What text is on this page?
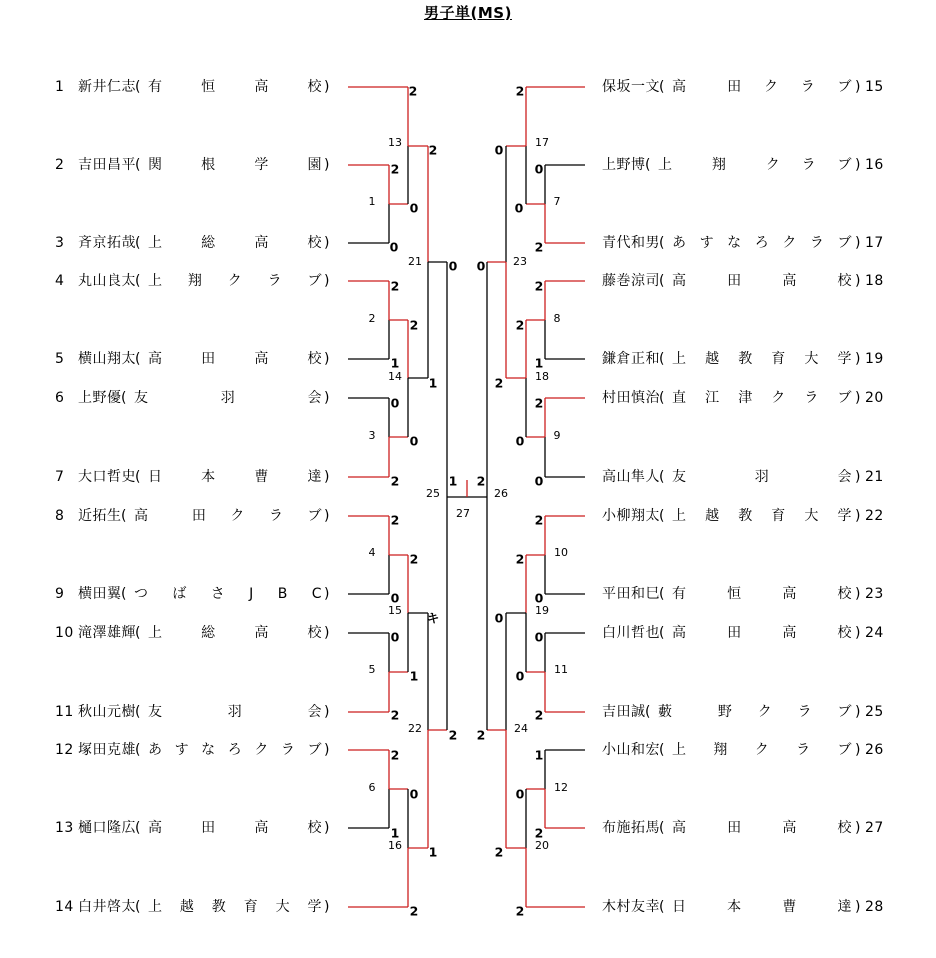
男子単(MS)
1 新井仁志 ( 有　　恒　　高　　校 )	保坂一文 ( 高　　田　ク　ラ　ブ ) 15
2 吉田昌平 ( 関　　根　　学　　園 )	上野博 ( 上　　翔　　ク　ラ　ブ ) 16
3 斉京拓哉 ( 上　　総　　高　　校 )	青代和男 ( あすなろクラブ ) 17
4 丸山良太 ( 上　翔　ク　ラ　ブ )	藤巻涼司 ( 高　　田　　高　　校 ) 18
5 横山翔太 ( 高　　田　　高　　校 )	鎌倉正和 ( 上　越　教　育　大　学 ) 19
6 上野優 ( 友　　　　羽　　　　会 )	村田慎治 ( 直　江　津　ク　ラ　ブ ) 20
7 大口哲史 ( 日　　本　　曹　　達 )	高山隼人 ( 友　　　　羽　　　　会 ) 21
8 近拓生 ( 高　　田　ク　ラ　ブ )	小柳翔太 ( 上　越　教　育　大　学 ) 22
9 横田翼 ( つ　ば　さ　J　B　C )	平田和巳 ( 有　　恒　　高　　校 ) 23
10 滝澤雄輝 ( 上　　総　　高　　校 )	白川哲也 ( 高　　田　　高　　校 ) 24
11 秋山元樹 ( 友　　　　羽　　　　会 )	吉田誠 ( 藪　　野　ク　ラ　ブ ) 25
12 塚田克雄 ( あすなろクラブ )	小山和宏 ( 上　翔　ク　ラ　ブ ) 26
13 樋口隆広 ( 高　　田　　高　　校 )	布施拓馬 ( 高　　田　　高　　校 ) 27
14 白井啓太 ( 上　越　教　育　大　学 )	木村友幸 ( 日　　本　　曹　　達 ) 28
2
0
1
2
1
2
0
2
3
2
0
4
0
2
5
2
1
6
2
0
13
2
0
14
2
1
15
0
2
16
2
1
21
キ
1
22
0
2
25
0
2
7
2
1
8
2
0
9
2
0
10
0
2
11
1
2
12
2
0
17
2
0
18
2
0
19
0
2
20
0
2
23
0
2
24
0
2
26
1 2
27
